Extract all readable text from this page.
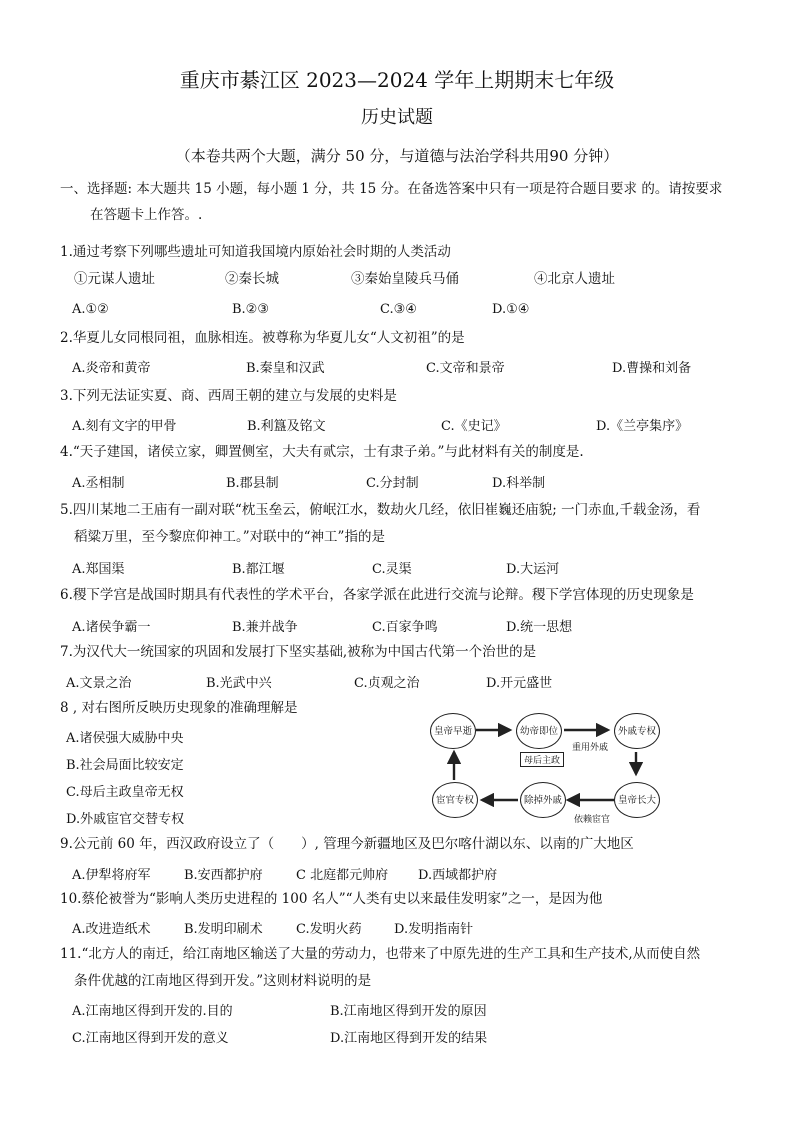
重庆市綦江区 2023—2024 学年上期期末七年级
历史试题
（本卷共两个大题，满分 50 分，与道德与法治学科共用90 分钟）
一、选择题: 本大题共 15 小题，每小题 1 分，共 15 分。在备选答案中只有一项是符合题目要求 的。请按要求
在答题卡上作答。.
1.通过考察下列哪些遗址可知道我国境内原始社会时期的人类活动
①元谋人遗址	②秦长城	③秦始皇陵兵马俑	④北京人遗址
A.①②	B.②③	C.③④	D.①④
2.华夏儿女同根同祖，血脉相连。被尊称为华夏儿女“人文初祖”的是
A.炎帝和黄帝	B.秦皇和汉武	C.文帝和景帝	D.曹操和刘备
3.下列无法证实夏、商、西周王朝的建立与发展的史料是
A.刻有文字的甲骨	B.利簋及铭文	C.《史记》	D.《兰亭集序》
4.“天子建国，诸侯立家，卿置侧室，大夫有贰宗，士有隶子弟。”与此材料有关的制度是.
A.丞相制	B.郡县制	C.分封制	D.科举制
5.四川某地二王庙有一副对联“枕玉垒云，俯岷江水，数劫火几经，依旧崔巍还庙貌; 一门赤血,千载金汤，看
稻粱万里，至今黎庶仰神工。”对联中的“神工”指的是
A.郑国渠	B.都江堰	C.灵渠	D.大运河
6.稷下学宫是战国时期具有代表性的学术平台，各家学派在此进行交流与论辩。稷下学宫体现的历史现象是
A.诸侯争霸一	B.兼并战争	C.百家争鸣	D.统一思想
7.为汉代大一统国家的巩固和发展打下坚实基础,被称为中国古代第一个治世的是
A.文景之治	B.光武中兴	C.贞观之治	D.开元盛世
8 , 对右图所反映历史现象的准确理解是
A.诸侯强大威胁中央
B.社会局面比较安定
C.母后主政皇帝无权
D.外戚宦官交替专权
皇帝早逝	幼帝即位	外戚专权
皇帝长大
除掉外戚
宦官专权
母后主政
重用外戚
依赖宦官
9.公元前 60 年，西汉政府设立了（　　）, 管理今新疆地区及巴尔喀什湖以东、以南的广大地区
A.伊犁将府军	B.安西都护府	C 北庭都元帅府 D.西域都护府
10.蔡伦被誉为“影响人类历史进程的 100 名人”“人类有史以来最佳发明家”之一，是因为他
A.改进造纸术	B.发明印刷术	C.发明火药 D.发明指南针
11.“北方人的南迁，给江南地区输送了大量的劳动力，也带来了中原先进的生产工具和生产技术,从而使自然
条件优越的江南地区得到开发。”这则材料说明的是
A.江南地区得到开发的.目的	B.江南地区得到开发的原因
C.江南地区得到开发的意义	D.江南地区得到开发的结果
